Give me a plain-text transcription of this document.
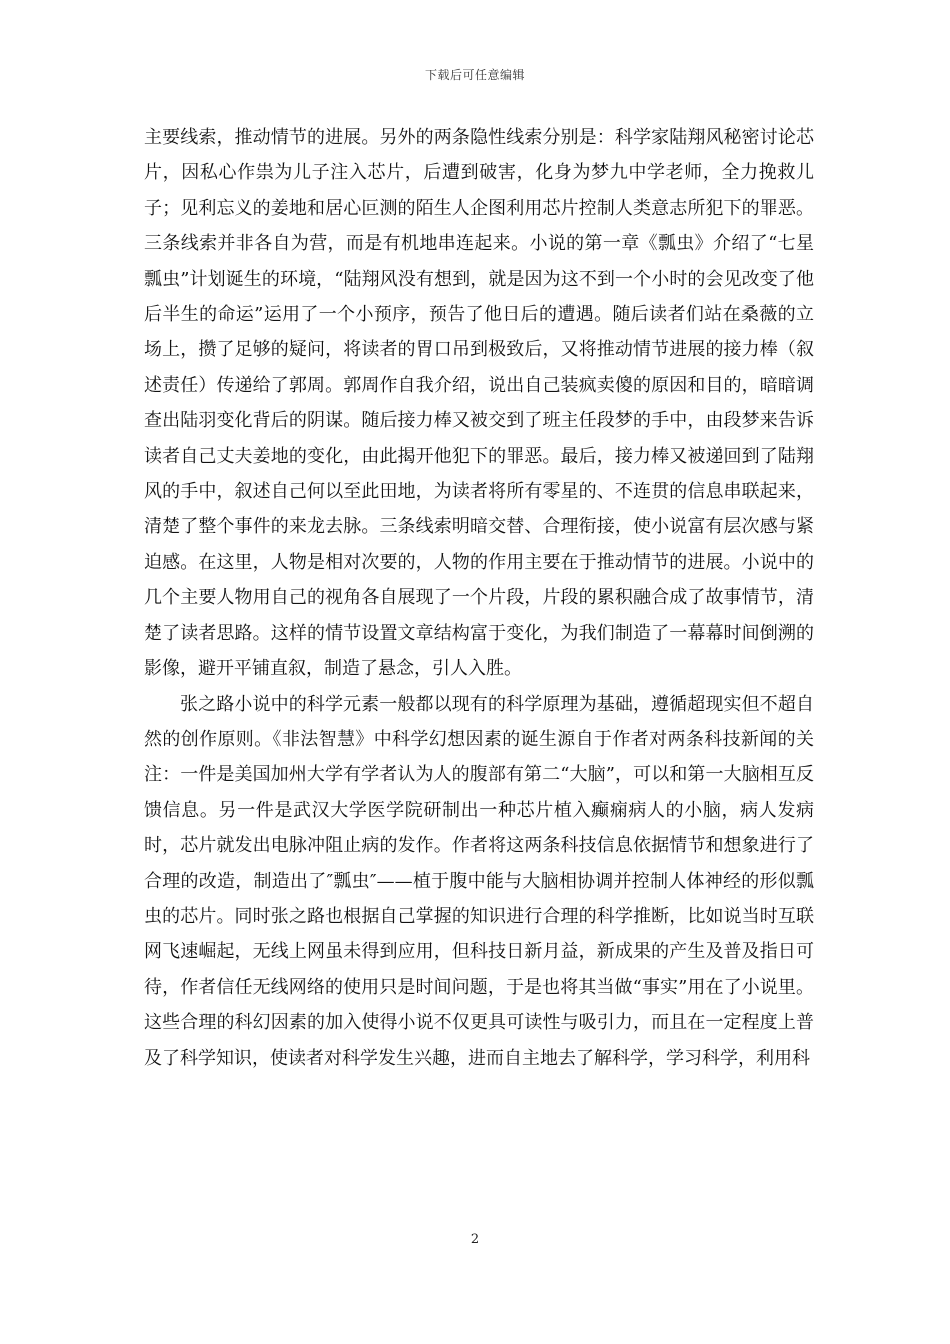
下载后可任意编辑

主要线索，推动情节的进展。另外的两条隐性线索分别是：科学家陆翔风秘密讨论芯片，因私心作祟为儿子注入芯片，后遭到破害，化身为梦九中学老师，全力挽救儿子；见利忘义的姜地和居心叵测的陌生人企图利用芯片控制人类意志所犯下的罪恶。三条线索并非各自为营，而是有机地串连起来。小说的第一章《瓢虫》介绍了“七星瓢虫”计划诞生的环境，“陆翔风没有想到，就是因为这不到一个小时的会见改变了他后半生的命运”运用了一个小预序，预告了他日后的遭遇。随后读者们站在桑薇的立场上，攒了足够的疑问，将读者的胃口吊到极致后，又将推动情节进展的接力棒（叙述责任）传递给了郭周。郭周作自我介绍，说出自己装疯卖傻的原因和目的，暗暗调查出陆羽变化背后的阴谋。随后接力棒又被交到了班主任段梦的手中，由段梦来告诉读者自己丈夫姜地的变化，由此揭开他犯下的罪恶。最后，接力棒又被递回到了陆翔风的手中，叙述自己何以至此田地，为读者将所有零星的、不连贯的信息串联起来，清楚了整个事件的来龙去脉。三条线索明暗交替、合理衔接，使小说富有层次感与紧迫感。在这里，人物是相对次要的，人物的作用主要在于推动情节的进展。小说中的几个主要人物用自己的视角各自展现了一个片段，片段的累积融合成了故事情节，清楚了读者思路。这样的情节设置文章结构富于变化，为我们制造了一幕幕时间倒溯的影像，避开平铺直叙，制造了悬念，引人入胜。

张之路小说中的科学元素一般都以现有的科学原理为基础，遵循超现实但不超自然的创作原则。《非法智慧》中科学幻想因素的诞生源自于作者对两条科技新闻的关注：一件是美国加州大学有学者认为人的腹部有第二“大脑”，可以和第一大脑相互反馈信息。另一件是武汉大学医学院研制出一种芯片植入癫痫病人的小脑，病人发病时，芯片就发出电脉冲阻止病的发作。作者将这两条科技信息依据情节和想象进行了合理的改造，制造出了″瓢虫″——植于腹中能与大脑相协调并控制人体神经的形似瓢虫的芯片。同时张之路也根据自己掌握的知识进行合理的科学推断，比如说当时互联网飞速崛起，无线上网虽未得到应用，但科技日新月益，新成果的产生及普及指日可待，作者信任无线网络的使用只是时间问题，于是也将其当做“事实”用在了小说里。这些合理的科幻因素的加入使得小说不仅更具可读性与吸引力，而且在一定程度上普及了科学知识，使读者对科学发生兴趣，进而自主地去了解科学，学习科学，利用科

2
